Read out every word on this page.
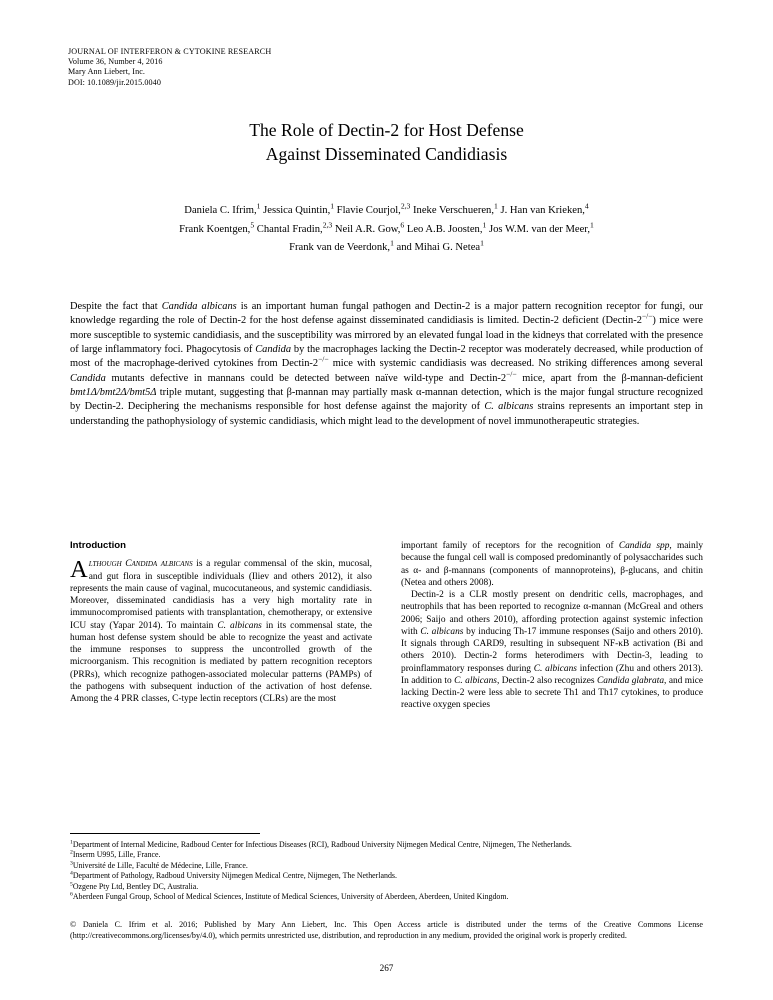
JOURNAL OF INTERFERON & CYTOKINE RESEARCH
Volume 36, Number 4, 2016
Mary Ann Liebert, Inc.
DOI: 10.1089/jir.2015.0040
The Role of Dectin-2 for Host Defense
Against Disseminated Candidiasis
Daniela C. Ifrim,$^1$ Jessica Quintin,$^1$ Flavie Courjol,$^{2,3}$ Ineke Verschueren,$^1$ J. Han van Krieken,$^4$
Frank Koentgen,$^5$ Chantal Fradin,$^{2,3}$ Neil A.R. Gow,$^6$ Leo A.B. Joosten,$^1$ Jos W.M. van der Meer,$^1$
Frank van de Veerdonk,$^1$ and Mihai G. Netea$^1$
Despite the fact that Candida albicans is an important human fungal pathogen and Dectin-2 is a major pattern recognition receptor for fungi, our knowledge regarding the role of Dectin-2 for the host defense against disseminated candidiasis is limited. Dectin-2 deficient (Dectin-2−/−) mice were more susceptible to systemic candidiasis, and the susceptibility was mirrored by an elevated fungal load in the kidneys that correlated with the presence of large inflammatory foci. Phagocytosis of Candida by the macrophages lacking the Dectin-2 receptor was moderately decreased, while production of most of the macrophage-derived cytokines from Dectin-2−/− mice with systemic candidiasis was decreased. No striking differences among several Candida mutants defective in mannans could be detected between naïve wild-type and Dectin-2−/− mice, apart from the β-mannan-deficient bmt1Δ/bmt2Δ/bmt5Δ triple mutant, suggesting that β-mannan may partially mask α-mannan detection, which is the major fungal structure recognized by Dectin-2. Deciphering the mechanisms responsible for host defense against the majority of C. albicans strains represents an important step in understanding the pathophysiology of systemic candidiasis, which might lead to the development of novel immunotherapeutic strategies.
Introduction

Although Candida albicans is a regular commensal of the skin, mucosal, and gut flora in susceptible individuals (Iliev and others 2012), it also represents the main cause of vaginal, mucocutaneous, and systemic candidiasis. Moreover, disseminated candidiasis has a very high mortality rate in immunocompromised patients with transplantation, chemotherapy, or extensive ICU stay (Yapar 2014). To maintain C. albicans in its commensal state, the human host defense system should be able to recognize the yeast and activate the immune responses to suppress the uncontrolled growth of the microorganism. This recognition is mediated by pattern recognition receptors (PRRs), which recognize pathogen-associated molecular patterns (PAMPs) of the pathogens with subsequent induction of the activation of host defense. Among the 4 PRR classes, C-type lectin receptors (CLRs) are the most

important family of receptors for the recognition of Candida spp, mainly because the fungal cell wall is composed predominantly of polysaccharides such as α- and β-mannans (components of mannoproteins), β-glucans, and chitin (Netea and others 2008).

Dectin-2 is a CLR mostly present on dendritic cells, macrophages, and neutrophils that has been reported to recognize α-mannan (McGreal and others 2006; Saijo and others 2010), affording protection against systemic infection with C. albicans by inducing Th-17 immune responses (Saijo and others 2010). It signals through CARD9, resulting in subsequent NF-κB activation (Bi and others 2010). Dectin-2 forms heterodimers with Dectin-3, leading to proinflammatory responses during C. albicans infection (Zhu and others 2013). In addition to C. albicans, Dectin-2 also recognizes Candida glabrata, and mice lacking Dectin-2 were less able to secrete Th1 and Th17 cytokines, to produce reactive oxygen species

$^1$Department of Internal Medicine, Radboud Center for Infectious Diseases (RCI), Radboud University Nijmegen Medical Centre, Nijmegen, The Netherlands.
$^2$Inserm U995, Lille, France.
$^3$Université de Lille, Faculté de Médecine, Lille, France.
$^4$Department of Pathology, Radboud University Nijmegen Medical Centre, Nijmegen, The Netherlands.
$^5$Ozgene Pty Ltd, Bentley DC, Australia.
$^6$Aberdeen Fungal Group, School of Medical Sciences, Institute of Medical Sciences, University of Aberdeen, Aberdeen, United Kingdom.
© Daniela C. Ifrim et al. 2016; Published by Mary Ann Liebert, Inc. This Open Access article is distributed under the terms of the Creative Commons License (http://creativecommons.org/licenses/by/4.0), which permits unrestricted use, distribution, and reproduction in any medium, provided the original work is properly credited.
267
